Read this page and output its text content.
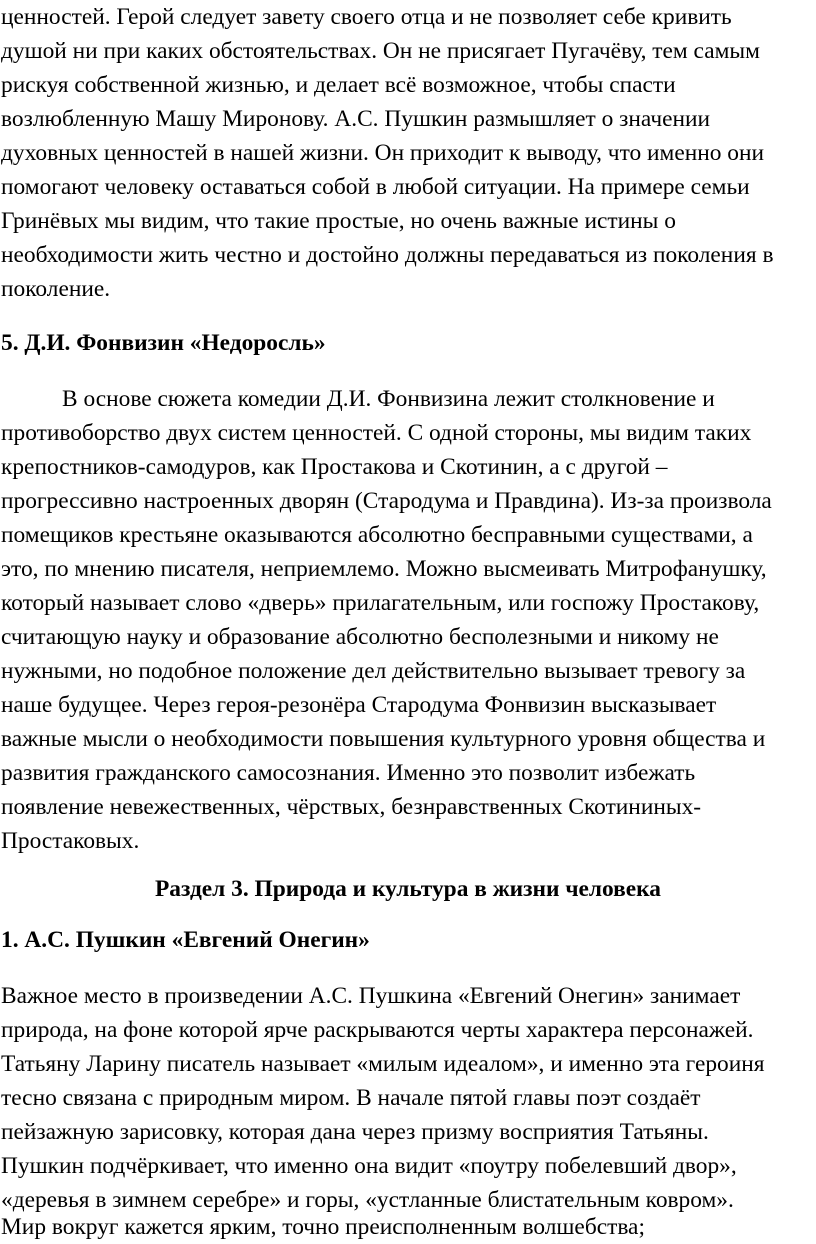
ценностей. Герой следует завету своего отца и не позволяет себе кривить
душой ни при каких обстоятельствах. Он не присягает Пугачёву, тем самым
рискуя собственной жизнью, и делает всё возможное, чтобы спасти
возлюбленную Машу Миронову. А.С. Пушкин размышляет о значении
духовных ценностей в нашей жизни. Он приходит к выводу, что именно они
помогают человеку оставаться собой в любой ситуации. На примере семьи
Гринёвых мы видим, что такие простые, но очень важные истины о
необходимости жить честно и достойно должны передаваться из поколения в
поколение.
5. Д.И. Фонвизин «Недоросль»
В основе сюжета комедии Д.И. Фонвизина лежит столкновение и
противоборство двух систем ценностей. С одной стороны, мы видим таких
крепостников-самодуров, как Простакова и Скотинин, а с другой –
прогрессивно настроенных дворян (Стародума и Правдина). Из-за произвола
помещиков крестьяне оказываются абсолютно бесправными существами, а
это, по мнению писателя, неприемлемо. Можно высмеивать Митрофанушку,
который называет слово «дверь» прилагательным, или госпожу Простакову,
считающую науку и образование абсолютно бесполезными и никому не
нужными, но подобное положение дел действительно вызывает тревогу за
наше будущее. Через героя-резонёра Стародума Фонвизин высказывает
важные мысли о необходимости повышения культурного уровня общества и
развития гражданского самосознания. Именно это позволит избежать
появление невежественных, чёрствых, безнравственных Скотининых-
Простаковых.
Раздел 3. Природа и культура в жизни человека
1. А.С. Пушкин «Евгений Онегин»
Важное место в произведении А.С. Пушкина «Евгений Онегин» занимает
природа, на фоне которой ярче раскрываются черты характера персонажей.
Татьяну Ларину писатель называет «милым идеалом», и именно эта героиня
тесно связана с природным миром. В начале пятой главы поэт создаёт
пейзажную зарисовку, которая дана через призму восприятия Татьяны.
Пушкин подчёркивает, что именно она видит «поутру побелевший двор»,
«деревья в зимнем серебре» и горы, «устланные блистательным ковром».
Мир вокруг кажется ярким, точно преисполненным волшебства;
